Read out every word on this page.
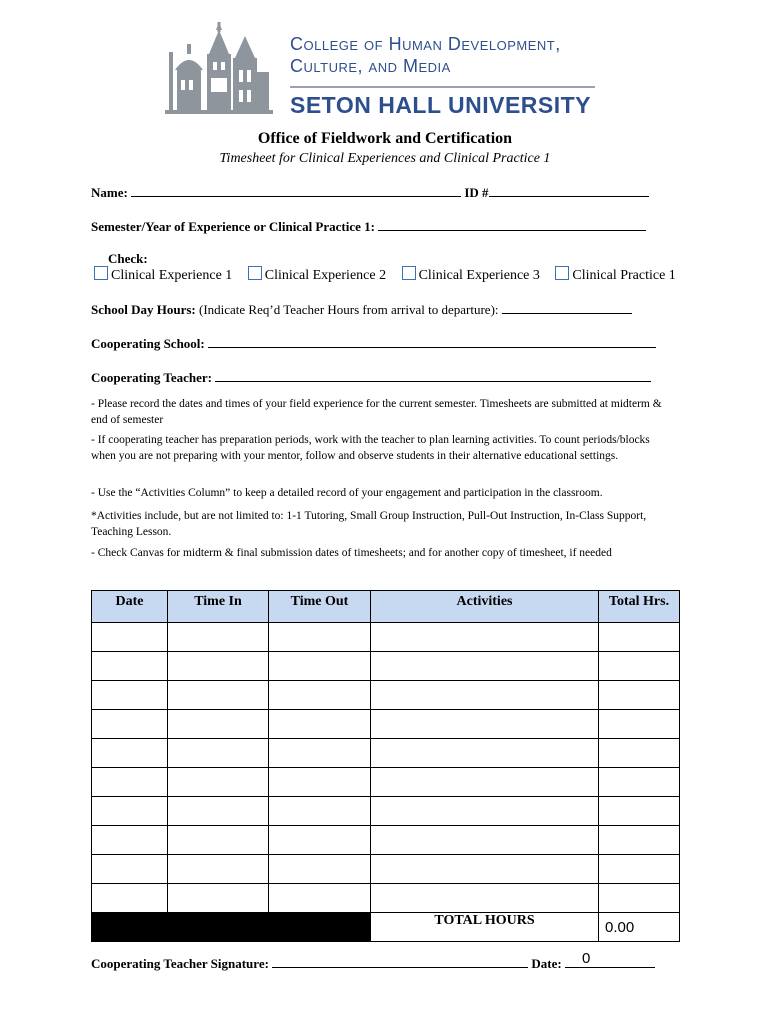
College of Human Development,
Culture, and Media
SETON HALL UNIVERSITY
Office of Fieldwork and Certification
Timesheet for Clinical Experiences and Clinical Practice 1
Name:	ID #
Semester/Year of Experience or Clinical Practice 1:
Check:
Clinical Experience 1 Clinical Experience 2 Clinical Experience 3 Clinical Practice 1
School Day Hours: (Indicate Req’d Teacher Hours from arrival to departure):
Cooperating School:
Cooperating Teacher:
- Please record the dates and times of your field experience for the current semester. Timesheets are submitted at midterm & end of semester
- If cooperating teacher has preparation periods, work with the teacher to plan learning activities. To count periods/blocks when you are not preparing with your mentor, follow and observe students in their alternative educational settings.
- Use the “Activities Column” to keep a detailed record of your engagement and participation in the classroom.
*Activities include, but are not limited to: 1-1 Tutoring, Small Group Instruction, Pull-Out Instruction, In-Class Support, Teaching Lesson.
- Check Canvas for midterm & final submission dates of timesheets; and for another copy of timesheet, if needed
Date	Time In	Time Out	Activities	Total Hrs.

			TOTAL HOURS	0.00
Cooperating Teacher Signature:	Date:	0
